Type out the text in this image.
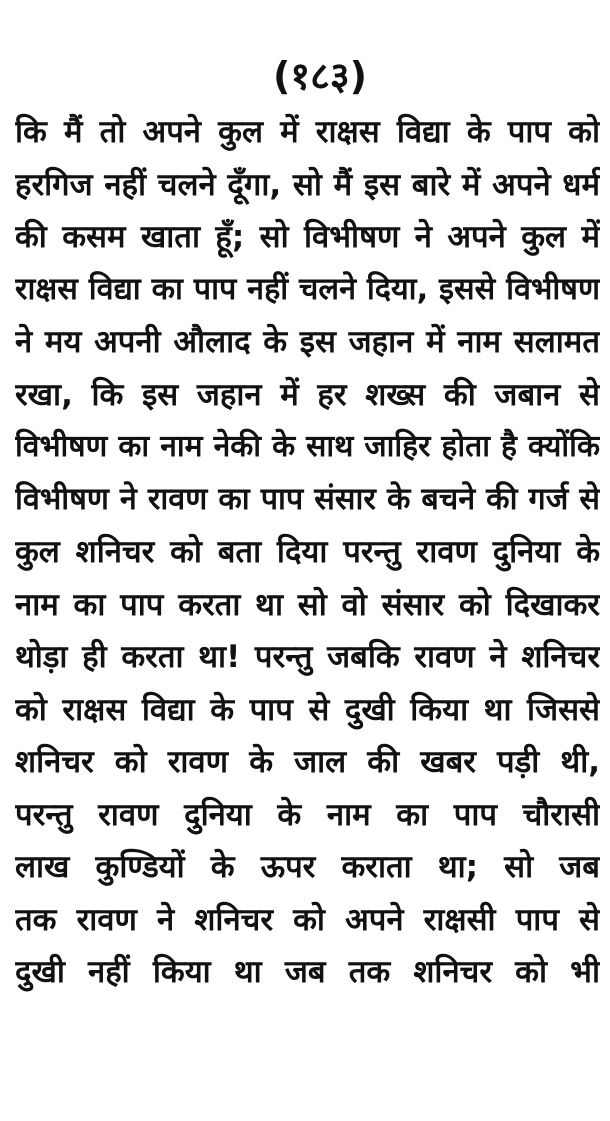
(१८३)
कि मैं तो अपने कुल में राक्षस विद्या के पाप को
हरगिज नहीं चलने दूँगा, सो मैं इस बारे में अपने धर्म
की कसम खाता हूँ; सो विभीषण ने अपने कुल में
राक्षस विद्या का पाप नहीं चलने दिया, इससे विभीषण
ने मय अपनी औलाद के इस जहान में नाम सलामत
रखा, कि इस जहान में हर शख्स की जबान से
विभीषण का नाम नेकी के साथ जाहिर होता है क्योंकि
विभीषण ने रावण का पाप संसार के बचने की गर्ज से
कुल शनिचर को बता दिया परन्तु रावण दुनिया के
नाम का पाप करता था सो वो संसार को दिखाकर
थोड़ा ही करता था! परन्तु जबकि रावण ने शनिचर
को राक्षस विद्या के पाप से दुखी किया था जिससे
शनिचर को रावण के जाल की खबर पड़ी थी,
परन्तु रावण दुनिया के नाम का पाप चौरासी
लाख कुण्डियों के ऊपर कराता था; सो जब
तक रावण ने शनिचर को अपने राक्षसी पाप से
दुखी नहीं किया था जब तक शनिचर को भी
